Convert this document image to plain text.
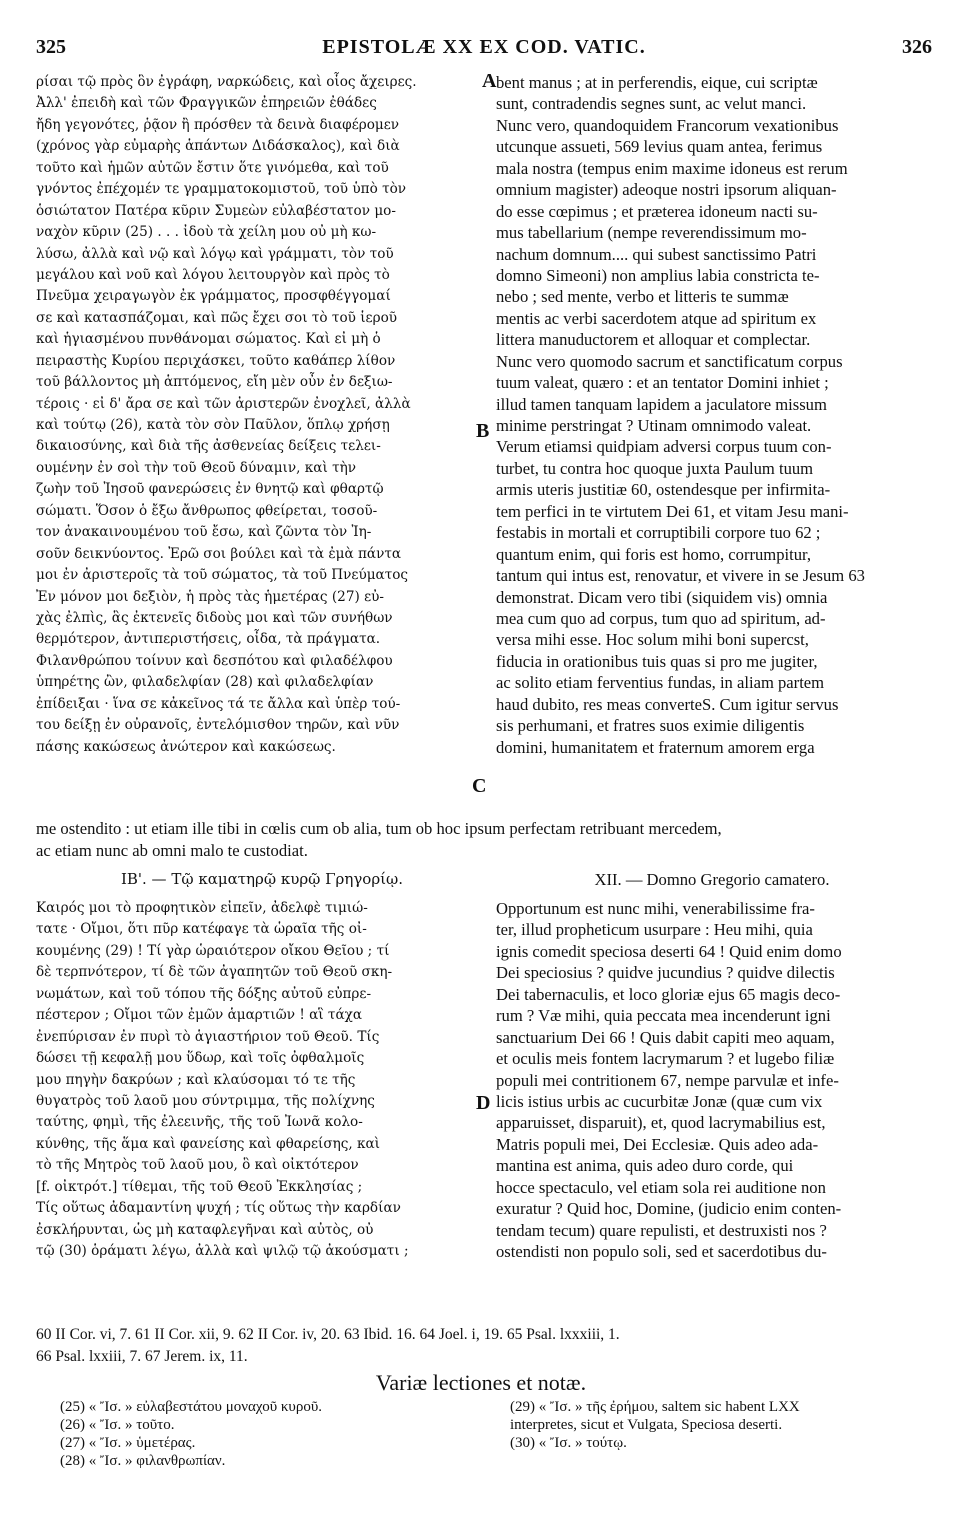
325	EPISTOLÆ XX EX COD. VATIC.	326
ρίσαι τῷ πρὸς ὃν ἐγράφη, ναρκώδεις, καὶ οἷος ἄχειρες.
Ἀλλ' ἐπειδὴ καὶ τῶν Φραγγικῶν ἐπηρειῶν ἐθάδες
ἤδη γεγονότες, ῥᾷον ἢ πρόσθεν τὰ δεινὰ διαφέρομεν
(χρόνος γὰρ εὐμαρὴς ἁπάντων Διδάσκαλος), καὶ διὰ
τοῦτο καὶ ἡμῶν αὐτῶν ἔστιν ὅτε γινόμεθα, καὶ τοῦ
γνόντος ἐπέχομέν τε γραμματοκομιστοῦ, τοῦ ὑπὸ τὸν
ὁσιώτατον Πατέρα κῦριν Συμεὼν εὐλαβέστατον μο-
ναχὸν κῦριν (25) . . . ἰδοὺ τὰ χείλη μου οὐ μὴ κω-
λύσω, ἀλλὰ καὶ νῷ καὶ λόγῳ καὶ γράμματι, τὸν τοῦ
μεγάλου καὶ νοῦ καὶ λόγου λειτουργὸν καὶ πρὸς τὸ
Πνεῦμα χειραγωγὸν ἐκ γράμματος, προσφθέγγομαί
σε καὶ κατασπάζομαι, καὶ πῶς ἔχει σοι τὸ τοῦ ἱεροῦ
καὶ ἡγιασμένου πυνθάνομαι σώματος. Καὶ εἰ μὴ ὁ
πειραστὴς Κυρίου περιχάσκει, τοῦτο καθάπερ λίθον
τοῦ βάλλοντος μὴ ἁπτόμενος, εἴη μὲν οὖν ἐν δεξιω-
τέροις · εἰ δ' ἄρα σε καὶ τῶν ἀριστερῶν ἐνοχλεῖ, ἀλλὰ
καὶ τούτῳ (26), κατὰ τὸν σὸν Παῦλον, ὅπλῳ χρήσῃ
δικαιοσύνης, καὶ διὰ τῆς ἀσθενείας δείξεις τελει-
ουμένην ἐν σοὶ τὴν τοῦ Θεοῦ δύναμιν, καὶ τὴν
ζωὴν τοῦ Ἰησοῦ φανερώσεις ἐν θνητῷ καὶ φθαρτῷ
σώματι. Ὅσον ὁ ἔξω ἄνθρωπος φθείρεται, τοσοῦ-
τον ἀνακαινουμένου τοῦ ἔσω, καὶ ζῶντα τὸν Ἰη-
σοῦν δεικνύοντος. Ἐρῶ σοι βούλει καὶ τὰ ἐμὰ πάντα
μοι ἐν ἀριστεροῖς τὰ τοῦ σώματος, τὰ τοῦ Πνεύματος
Ἐν μόνον μοι δεξιὸν, ἡ πρὸς τὰς ἡμετέρας (27) εὐ-
χὰς ἐλπὶς, ἃς ἐκτενεῖς διδοὺς μοι καὶ τῶν συνήθων
θερμότερον, ἀντιπεριστήσεις, οἶδα, τὰ πράγματα.
Φιλανθρώπου τοίνυν καὶ δεσπότου καὶ φιλαδέλφου
ὑπηρέτης ὢν, φιλαδελφίαν (28) καὶ φιλαδελφίαν
ἐπίδειξαι · ἵνα σε κἀκεῖνος τά τε ἄλλα καὶ ὑπὲρ τού-
του δείξῃ ἐν οὐρανοῖς, ἐντελόμισθον τηρῶν, καὶ νῦν
πάσης κακώσεως ἀνώτερον καὶ κακώσεως.
bent manus ; at in perferendis, eique, cui scriptæ
sunt, contradendis segnes sunt, ac velut manci.
Nunc vero, quandoquidem Francorum vexationibus
utcunque assueti, 569 levius quam antea, ferimus
mala nostra (tempus enim maxime idoneus est rerum
omnium magister) adeoque nostri ipsorum aliquan-
do esse cœpimus ; et præterea idoneum nacti su-
mus tabellarium (nempe reverendissimum mo-
nachum domnum.... qui subest sanctissimo Patri
domno Simeoni) non amplius labia constricta te-
nebo ; sed mente, verbo et litteris te summæ
mentis ac verbi sacerdotem atque ad spiritum ex
littera manuductorem et alloquar et complectar.
Nunc vero quomodo sacrum et sanctificatum corpus
tuum valeat, quæro : et an tentator Domini inhiet ;
illud tamen tanquam lapidem a jaculatore missum
minime perstringat ? Utinam omnimodo valeat.
Verum etiamsi quidpiam adversi corpus tuum con-
turbet, tu contra hoc quoque juxta Paulum tuum
armis uteris justitiæ 60, ostendesque per infirmita-
tem perfici in te virtutem Dei 61, et vitam Jesu mani-
festabis in mortali et corruptibili corpore tuo 62 ;
quantum enim, qui foris est homo, corrumpitur,
tantum qui intus est, renovatur, et vivere in se Jesum 63
demonstrat. Dicam vero tibi (siquidem vis) omnia
mea cum quo ad corpus, tum quo ad spiritum, ad-
versa mihi esse. Hoc solum mihi boni supercst,
fiducia in orationibus tuis quas si pro me jugiter,
ac solito etiam ferventius fundas, in aliam partem
haud dubito, res meas converteS. Cum igitur servus
sis perhumani, et fratres suos eximie diligentis
domini, humanitatem et fraternum amorem erga
me ostendito : ut etiam ille tibi in cœlis cum ob alia, tum ob hoc ipsum perfectam retribuant mercedem,
ac etiam nunc ab omni malo te custodiat.
ΙΒ'. — Τῷ καματηρῷ κυρῷ Γρηγορίῳ.	XII. — Domno Gregorio camatero.
Καιρός μοι τὸ προφητικὸν εἰπεῖν, ἀδελφὲ τιμιώ-
τατε · Οἴμοι, ὅτι πῦρ κατέφαγε τὰ ὡραῖα τῆς οἰ-
κουμένης (29) ! Τί γὰρ ὡραιότερον οἴκου Θεῖου ; τί
δὲ τερπνότερον, τί δὲ τῶν ἀγαπητῶν τοῦ Θεοῦ σκη-
νωμάτων, καὶ τοῦ τόπου τῆς δόξης αὐτοῦ εὐπρε-
πέστερον ; Οἴμοι τῶν ἐμῶν ἁμαρτιῶν ! αἳ τάχα
ἐνεπύρισαν ἐν πυρὶ τὸ ἁγιαστήριον τοῦ Θεοῦ. Τίς
δώσει τῇ κεφαλῇ μου ὕδωρ, καὶ τοῖς ὀφθαλμοῖς
μου πηγὴν δακρύων ; καὶ κλαύσομαι τό τε τῆς
θυγατρὸς τοῦ λαοῦ μου σύντριμμα, τῆς πολίχνης
ταύτης, φημὶ, τῆς ἐλεεινῆς, τῆς τοῦ Ἰωνᾶ κολο-
κύνθης, τῆς ἅμα καὶ φανείσης καὶ φθαρείσης, καὶ
τὸ τῆς Μητρὸς τοῦ λαοῦ μου, ὃ καὶ οἰκτότερον
[f. οἰκτρότ.] τίθεμαι, τῆς τοῦ Θεοῦ Ἐκκλησίας ;
Τίς οὕτως ἀδαμαντίνη ψυχή ; τίς οὕτως τὴν καρδίαν
ἐσκλήρυνται, ὡς μὴ καταφλεγῆναι καὶ αὐτὸς, οὐ
τῷ (30) ὁράματι λέγω, ἀλλὰ καὶ ψιλῷ τῷ ἀκούσματι ;
Opportunum est nunc mihi, venerabilissime fra-
ter, illud propheticum usurpare : Heu mihi, quia
ignis comedit speciosa deserti 64 ! Quid enim domo
Dei speciosius ? quidve jucundius ? quidve dilectis
Dei tabernaculis, et loco gloriæ ejus 65 magis deco-
rum ? Væ mihi, quia peccata mea incenderunt igni
sanctuarium Dei 66 ! Quis dabit capiti meo aquam,
et oculis meis fontem lacrymarum ? et lugebo filiæ
populi mei contritionem 67, nempe parvulæ et infe-
licis istius urbis ac cucurbitæ Jonæ (quæ cum vix
apparuisset, disparuit), et, quod lacrymabilius est,
Matris populi mei, Dei Ecclesiæ. Quis adeo ada-
mantina est anima, quis adeo duro corde, qui
hocce spectaculo, vel etiam sola rei auditione non
exuratur ? Quid hoc, Domine, (judicio enim conten-
tendam tecum) quare repulisti, et destruxisti nos ?
ostendisti non populo soli, sed et sacerdotibus du-
A
B
C
D
60 II Cor. vi, 7. 61 II Cor. xii, 9. 62 II Cor. iv, 20. 63 Ibid. 16. 64 Joel. i, 19. 65 Psal. lxxxiii, 1.
66 Psal. lxxiii, 7. 67 Jerem. ix, 11.
Variæ lectiones et notæ.
(25) « Ἴσ. » εὐλαβεστάτου μοναχοῦ κυροῦ.
(26) « Ἴσ. » τοῦτο.
(27) « Ἴσ. » ὑμετέρας.
(28) « Ἴσ. » φιλανθρωπίαν.
(29) « Ἴσ. » τῆς ἐρήμου, saltem sic habent LXX
interpretes, sicut et Vulgata, Speciosa deserti.
(30) « Ἴσ. » τούτῳ.
